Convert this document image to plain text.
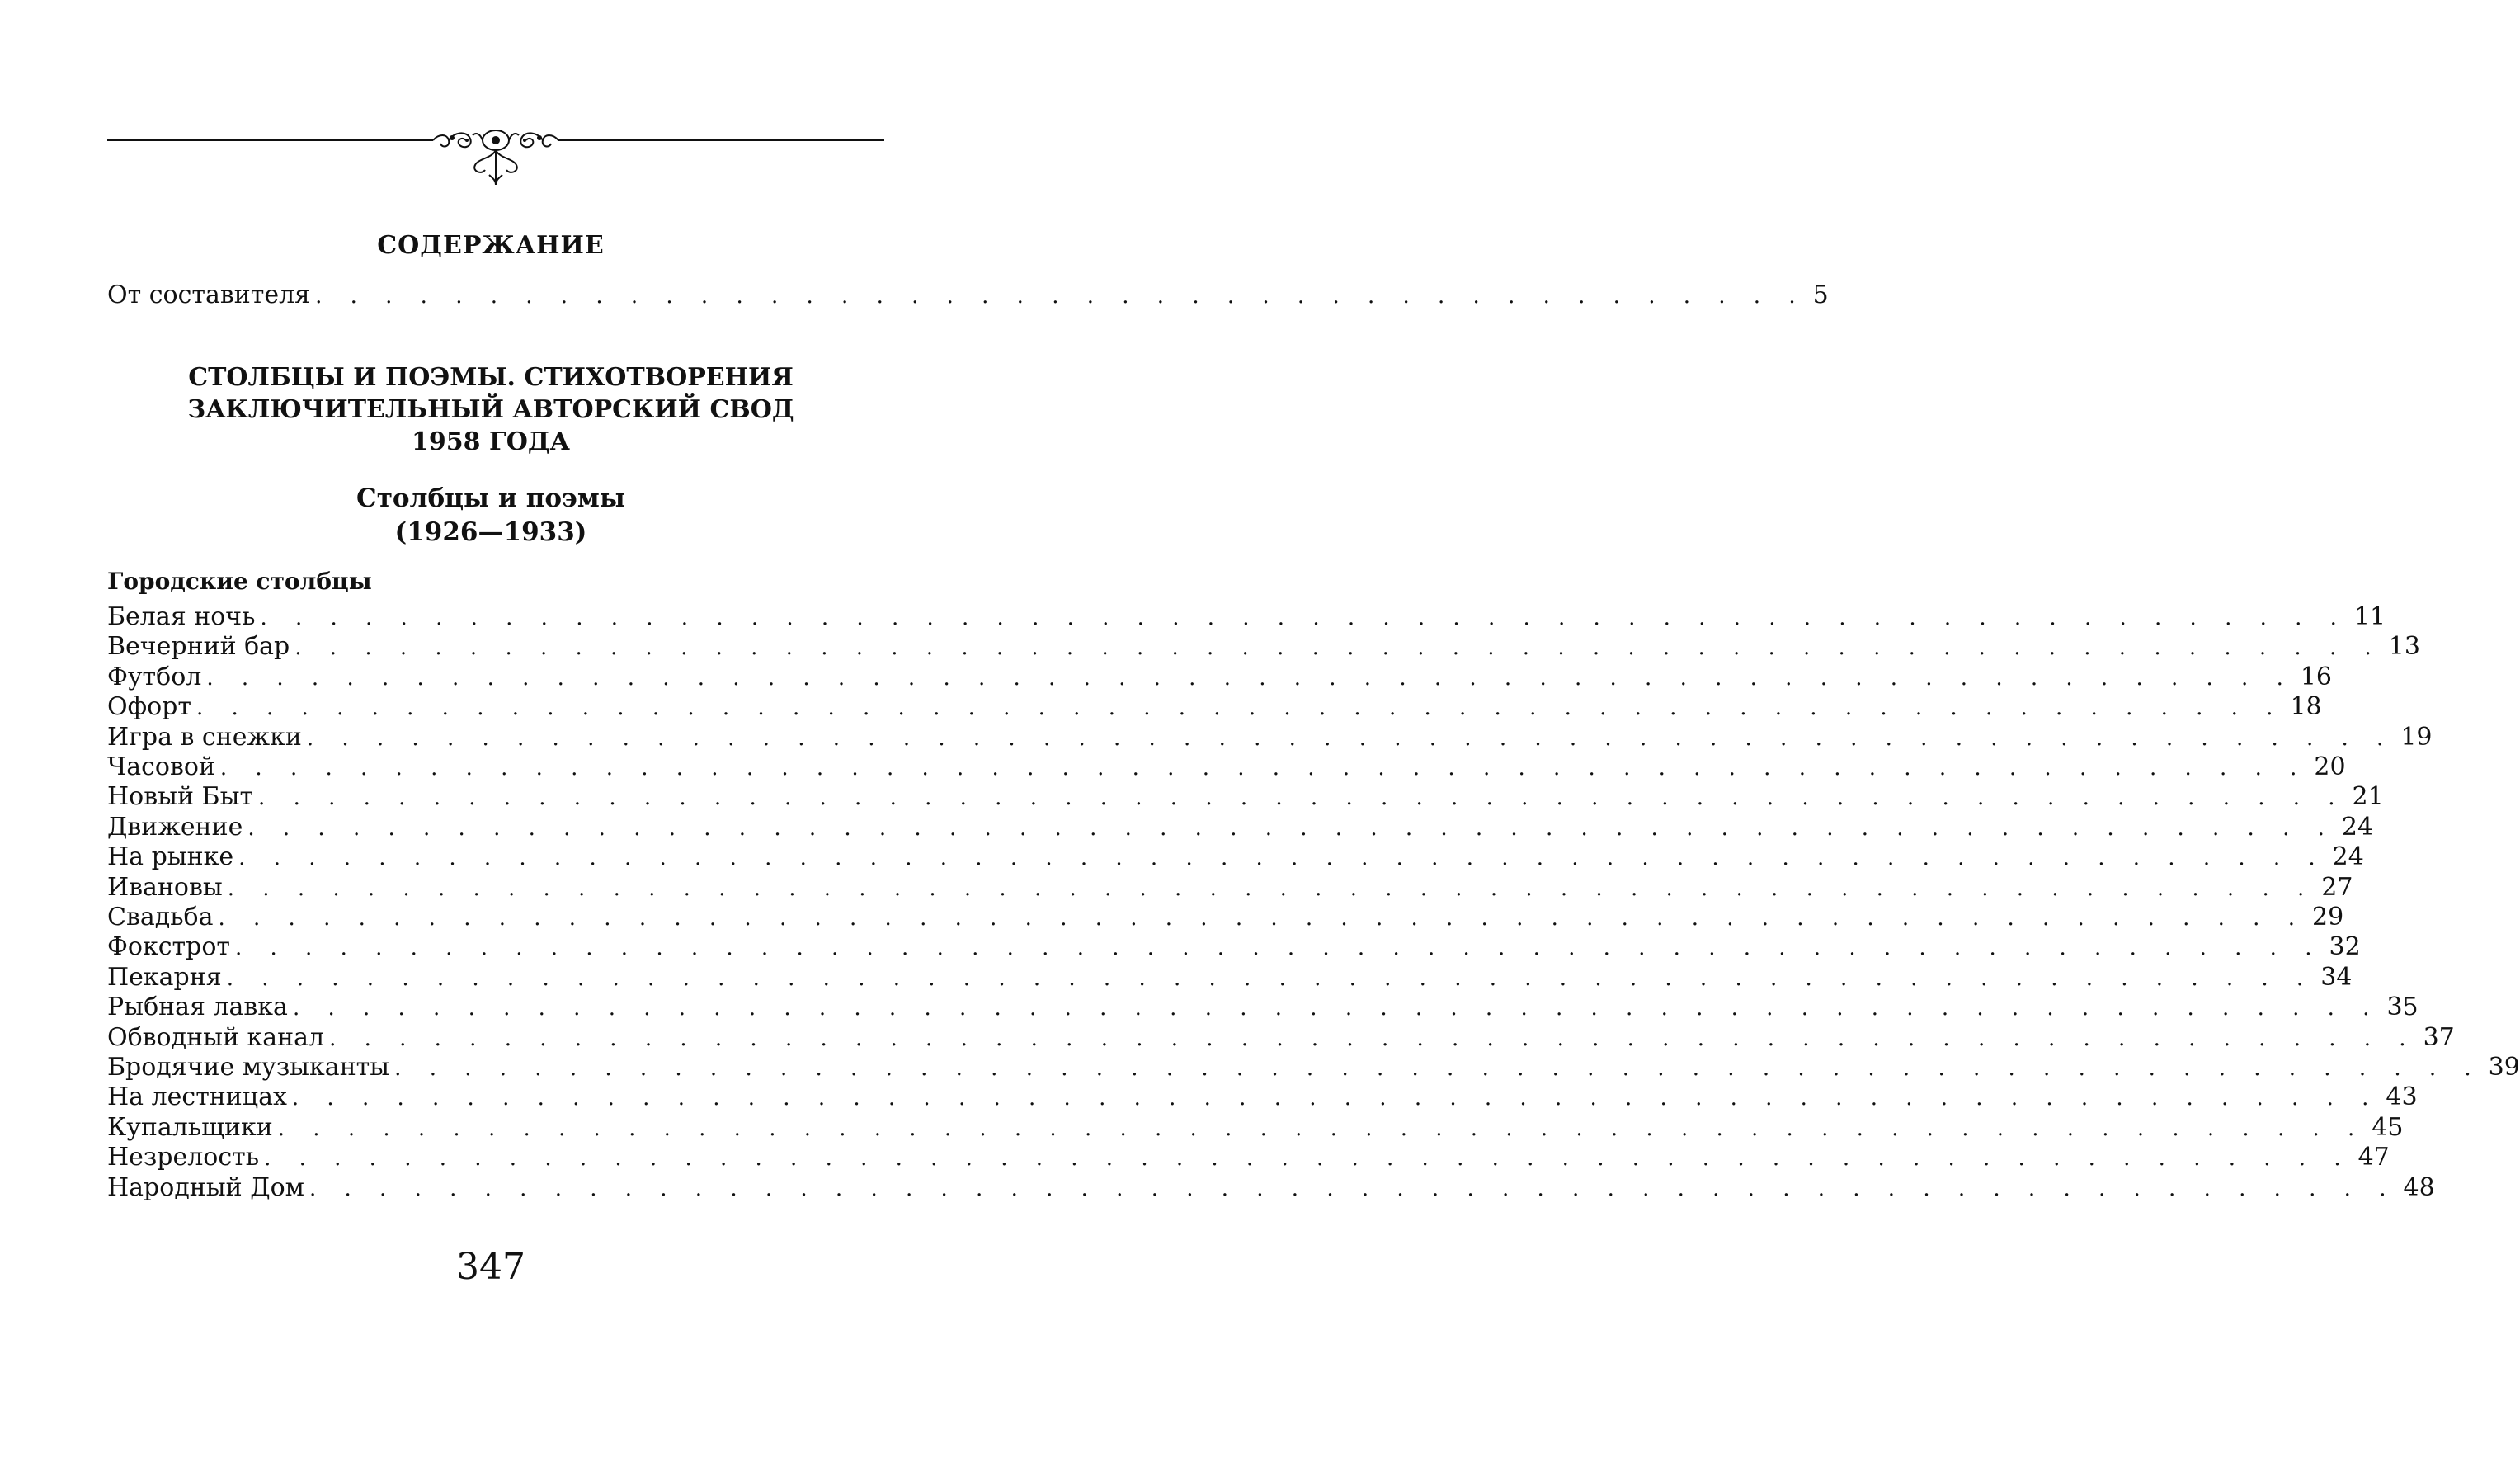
СОДЕРЖАНИЕ
От составителя . . . . . . . . . . . . . . . . . . . . . . . . . . . . . . . . . . . . . . . . . . . 5
СТОЛБЦЫ И ПОЭМЫ. СТИХОТВОРЕНИЯ
ЗАКЛЮЧИТЕЛЬНЫЙ АВТОРСКИЙ СВОД
1958 ГОДА
Столбцы и поэмы
(1926—1933)
Городские столбцы
Белая ночь . . . . . . . . . . . . . . . . . . . . . . . . . . . . . . . . . . . . . . . . . . . . . . . . . . . . . . . . . . . . 11
Вечерний бар . . . . . . . . . . . . . . . . . . . . . . . . . . . . . . . . . . . . . . . . . . . . . . . . . . . . . . . . . . . . 13
Футбол . . . . . . . . . . . . . . . . . . . . . . . . . . . . . . . . . . . . . . . . . . . . . . . . . . . . . . . . . . . . 16
Офорт . . . . . . . . . . . . . . . . . . . . . . . . . . . . . . . . . . . . . . . . . . . . . . . . . . . . . . . . . . . . 18
Игра в снежки . . . . . . . . . . . . . . . . . . . . . . . . . . . . . . . . . . . . . . . . . . . . . . . . . . . . . . . . . . . . 19
Часовой . . . . . . . . . . . . . . . . . . . . . . . . . . . . . . . . . . . . . . . . . . . . . . . . . . . . . . . . . . . . 20
Новый Быт . . . . . . . . . . . . . . . . . . . . . . . . . . . . . . . . . . . . . . . . . . . . . . . . . . . . . . . . . . . . 21
Движение . . . . . . . . . . . . . . . . . . . . . . . . . . . . . . . . . . . . . . . . . . . . . . . . . . . . . . . . . . . . 24
На рынке . . . . . . . . . . . . . . . . . . . . . . . . . . . . . . . . . . . . . . . . . . . . . . . . . . . . . . . . . . . . 24
Ивановы . . . . . . . . . . . . . . . . . . . . . . . . . . . . . . . . . . . . . . . . . . . . . . . . . . . . . . . . . . . . 27
Свадьба . . . . . . . . . . . . . . . . . . . . . . . . . . . . . . . . . . . . . . . . . . . . . . . . . . . . . . . . . . . . 29
Фокстрот . . . . . . . . . . . . . . . . . . . . . . . . . . . . . . . . . . . . . . . . . . . . . . . . . . . . . . . . . . . . 32
Пекарня . . . . . . . . . . . . . . . . . . . . . . . . . . . . . . . . . . . . . . . . . . . . . . . . . . . . . . . . . . . . 34
Рыбная лавка . . . . . . . . . . . . . . . . . . . . . . . . . . . . . . . . . . . . . . . . . . . . . . . . . . . . . . . . . . . . 35
Обводный канал . . . . . . . . . . . . . . . . . . . . . . . . . . . . . . . . . . . . . . . . . . . . . . . . . . . . . . . . . . . . 37
Бродячие музыканты . . . . . . . . . . . . . . . . . . . . . . . . . . . . . . . . . . . . . . . . . . . . . . . . . . . . . . . . . . . . 39
На лестницах . . . . . . . . . . . . . . . . . . . . . . . . . . . . . . . . . . . . . . . . . . . . . . . . . . . . . . . . . . . . 43
Купальщики . . . . . . . . . . . . . . . . . . . . . . . . . . . . . . . . . . . . . . . . . . . . . . . . . . . . . . . . . . . . 45
Незрелость . . . . . . . . . . . . . . . . . . . . . . . . . . . . . . . . . . . . . . . . . . . . . . . . . . . . . . . . . . . . 47
Народный Дом . . . . . . . . . . . . . . . . . . . . . . . . . . . . . . . . . . . . . . . . . . . . . . . . . . . . . . . . . . . . 48
347
